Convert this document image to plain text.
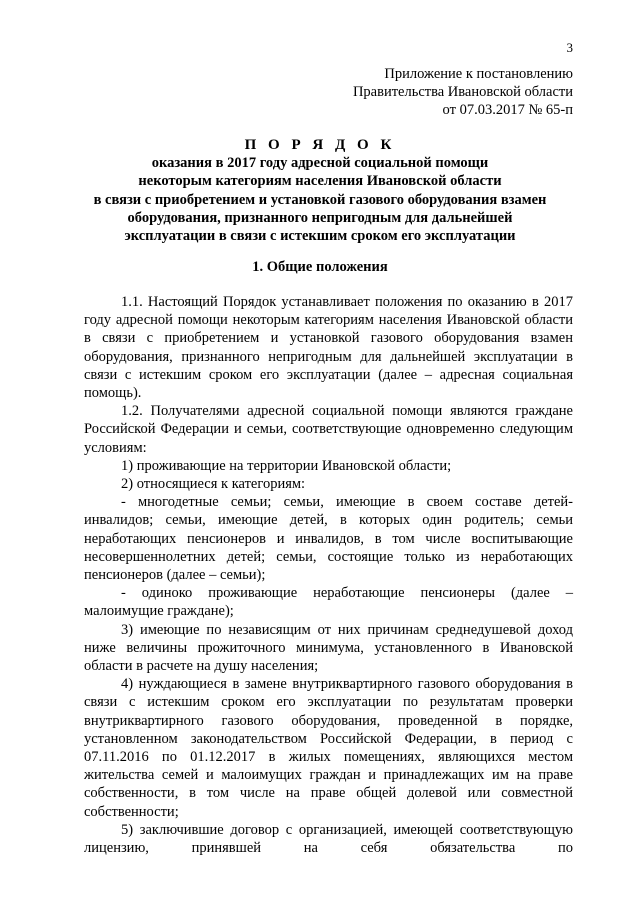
3
Приложение к постановлению
Правительства Ивановской области
от 07.03.2017 № 65-п
П О Р Я Д О К
оказания в 2017 году адресной социальной помощи
некоторым категориям населения Ивановской области
в связи с приобретением и установкой газового оборудования взамен
оборудования, признанного непригодным для дальнейшей
эксплуатации в связи с истекшим сроком его эксплуатации
1. Общие положения

1.1. Настоящий Порядок устанавливает положения по оказанию в 2017 году адресной помощи некоторым категориям населения Ивановской области в связи с приобретением и установкой газового оборудования взамен оборудования, признанного непригодным для дальнейшей эксплуатации в связи с истекшим сроком его эксплуатации (далее – адресная социальная помощь).

1.2. Получателями адресной социальной помощи являются граждане Российской Федерации и семьи, соответствующие одновременно следующим условиям:

1) проживающие на территории Ивановской области;

2) относящиеся к категориям:

- многодетные семьи; семьи, имеющие в своем составе детей-инвалидов; семьи, имеющие детей, в которых один родитель; семьи неработающих пенсионеров и инвалидов, в том числе воспитывающие несовершеннолетних детей; семьи, состоящие только из неработающих пенсионеров (далее – семьи);

- одиноко проживающие неработающие пенсионеры (далее – малоимущие граждане);

3) имеющие по независящим от них причинам среднедушевой доход ниже величины прожиточного минимума, установленного в Ивановской области в расчете на душу населения;

4) нуждающиеся в замене внутриквартирного газового оборудования в связи с истекшим сроком его эксплуатации по результатам проверки внутриквартирного газового оборудования, проведенной в порядке, установленном законодательством Российской Федерации, в период с 07.11.2016 по 01.12.2017 в жилых помещениях, являющихся местом жительства семей и малоимущих граждан и принадлежащих им на праве собственности, в том числе на праве общей долевой или совместной собственности;

5) заключившие договор с организацией, имеющей соответствующую лицензию, принявшей на себя обязательства по
